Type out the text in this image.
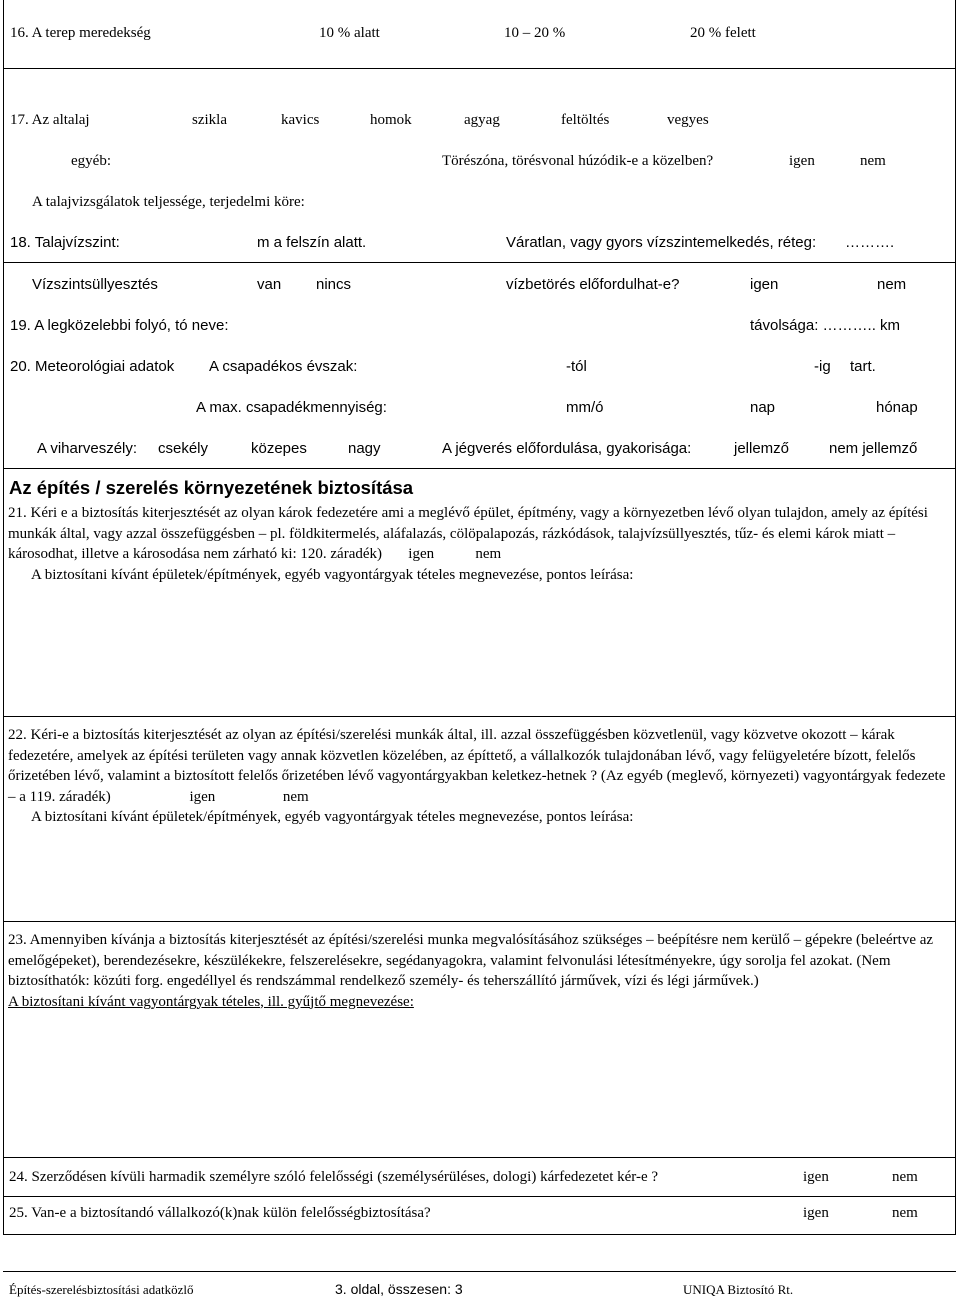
16. A terep meredekség	10 % alatt	10 – 20 %	20 % felett
17. Az altalaj	szikla	kavics	homok	agyag	feltöltés	vegyes
egyéb:	Törészóna, törésvonal húzódik-e a közelben?	igen	nem
A talajvizsgálatok teljessége, terjedelmi köre:
18. Talajvízszint:	m a felszín alatt.	Váratlan, vagy gyors vízszintemelkedés, réteg: ……….
Vízszintsüllyesztés	van nincs	vízbetörés előfordulhat-e?	igen	nem
19. A legközelebbi folyó, tó neve:	távolsága: ……….. km
20. Meteorológiai adatok A csapadékos évszak:	-tól	-ig tart.
A max. csapadékmennyiség:	mm/ó	nap	hónap
A viharveszély: csekély	közepes	nagy	A jégverés előfordulása, gyakorisága:	jellemző	nem jellemző
Az építés / szerelés környezetének biztosítása

21. Kéri e a biztosítás kiterjesztését az olyan károk fedezetére ami a meglévő épület, építmény, vagy a környezetben lévő olyan tulajdon, amely az építési munkák által, vagy azzal összefüggésben – pl. földkitermelés, aláfalazás, cölöpalapozás, rázkódások, talajvízsüllyesztés, tűz- és elemi károk miatt – károsodhat, illetve a károsodása nem zárható ki: 120. záradék) igen	nem

A biztosítani kívánt épületek/építmények, egyéb vagyontárgyak tételes megnevezése, pontos leírása:

22. Kéri-e a biztosítás kiterjesztését az olyan az építési/szerelési munkák által, ill. azzal összefüggésben közvetlenül, vagy közvetve okozott – kárak fedezetére, amelyek az építési területen vagy annak közvetlen közelében, az építtető, a vállalkozók tulajdonában lévő, vagy felügyeletére bízott, felelős őrizetében lévő, valamint a biztosított felelős őrizetében lévő vagyontárgyakban keletkez-hetnek ? (Az egyéb (meglevő, környezeti) vagyontárgyak fedezete – a 119. záradék)	igen	nem

A biztosítani kívánt épületek/építmények, egyéb vagyontárgyak tételes megnevezése, pontos leírása:

23. Amennyiben kívánja a biztosítás kiterjesztését az építési/szerelési munka megvalósításához szükséges – beépítésre nem kerülő – gépekre (beleértve az emelőgépeket), berendezésekre, készülékekre, felszerelésekre, segédanyagokra, valamint felvonulási létesítményekre, úgy sorolja fel azokat. (Nem biztosíthatók: közúti forg. engedéllyel és rendszámmal rendelkező személy- és teherszállító járművek, vízi és légi járművek.)

A biztosítani kívánt vagyontárgyak tételes, ill. gyűjtő megnevezése:

24. Szerződésen kívüli harmadik személyre szóló felelősségi (személysérüléses, dologi) kárfedezetet kér-e ?	igen	nem
25. Van-e a biztosítandó vállalkozó(k)nak külön felelősségbiztosítása?	igen	nem
Építés-szerelésbiztosítási adatközlő	3. oldal, összesen: 3	UNIQA Biztosító Rt.
